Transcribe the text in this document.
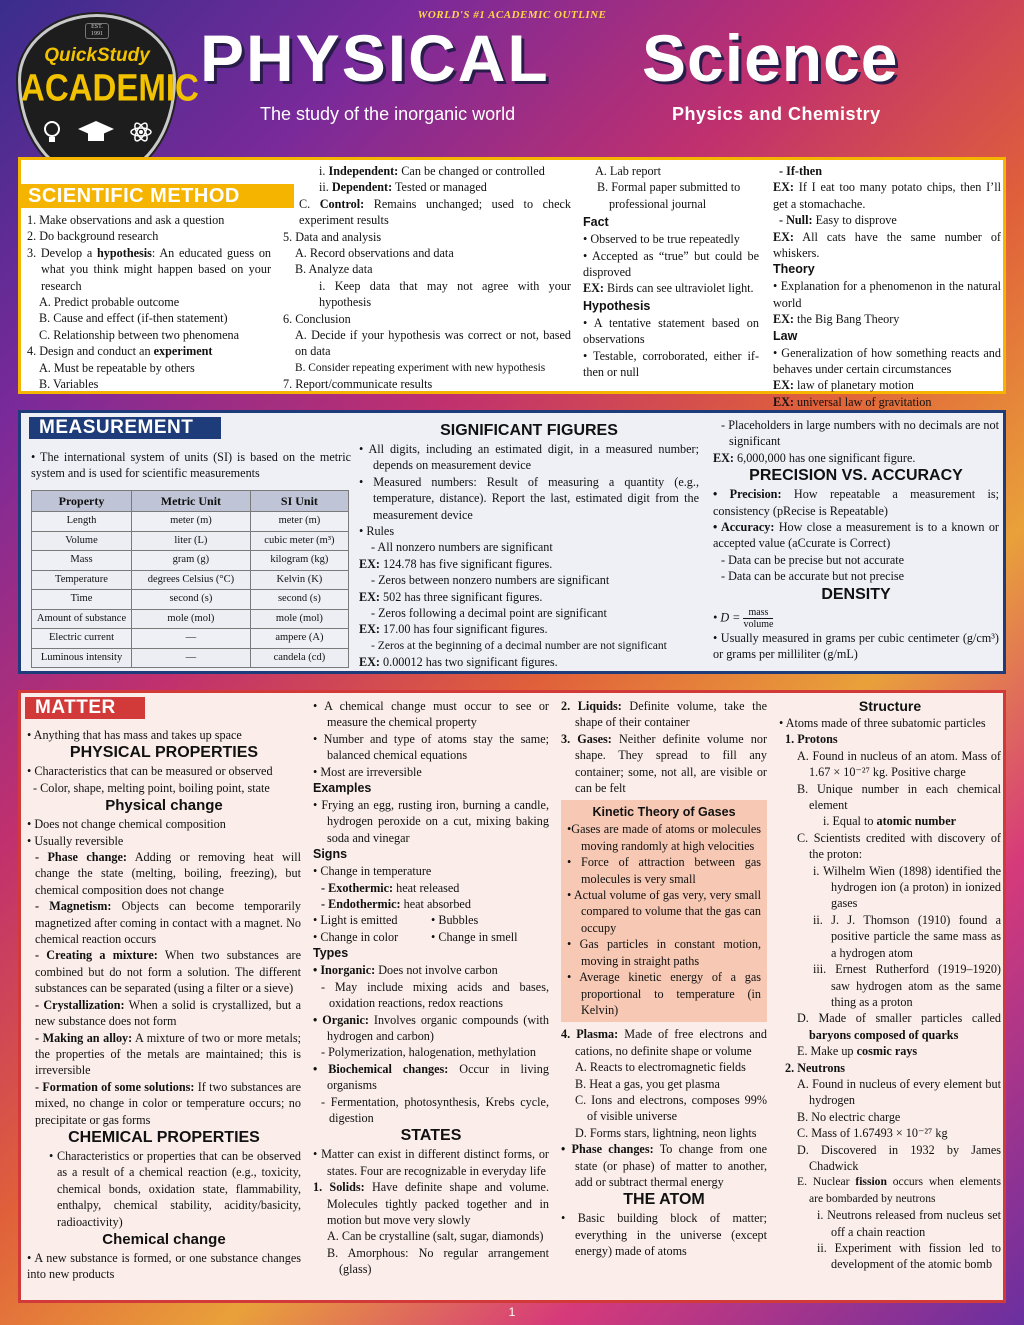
WORLD'S #1 ACADEMIC OUTLINE
EST. 1991
QuickStudy
ACADEMIC
PHYSICAL Science
The study of the inorganic world	Physics and Chemistry
SCIENTIFIC METHOD
1. Make observations and ask a question
2. Do background research
3. Develop a hypothesis: An educated guess on what you think might happen based on your research
A. Predict probable outcome
B. Cause and effect (if-then statement)
C. Relationship between two phenomena
4. Design and conduct an experiment
A. Must be repeatable by others
B. Variables
i. Independent: Can be changed or controlled
ii. Dependent: Tested or managed
C. Control: Remains unchanged; used to check experiment results
5. Data and analysis
A. Record observations and data
B. Analyze data
i. Keep data that may not agree with your hypothesis
6. Conclusion
A. Decide if your hypothesis was correct or not, based on data
B. Consider repeating experiment with new hypothesis
7. Report/communicate results
A. Lab report
B. Formal paper submitted to professional journal
Fact
• Observed to be true repeatedly
• Accepted as “true” but could be disproved
EX: Birds can see ultraviolet light.
Hypothesis
• A tentative statement based on observations
• Testable, corroborated, either if-then or null
- If-then
EX: If I eat too many potato chips, then I’ll get a stomachache.
- Null: Easy to disprove
EX: All cats have the same number of whiskers.
Theory
• Explanation for a phenomenon in the natural world
EX: the Big Bang Theory
Law
• Generalization of how something reacts and behaves under certain circumstances
EX: law of planetary motion
EX: universal law of gravitation
MEASUREMENT
• The international system of units (SI) is based on the metric system and is used for scientific measurements
Property	Metric Unit	SI Unit
Length	meter (m)	meter (m)
Volume	liter (L)	cubic meter (m³)
Mass	gram (g)	kilogram (kg)
Temperature	degrees Celsius (°C)	Kelvin (K)
Time	second (s)	second (s)
Amount of substance	mole (mol)	mole (mol)
Electric current	—	ampere (A)
Luminous intensity	—	candela (cd)
SIGNIFICANT FIGURES
• All digits, including an estimated digit, in a measured number; depends on measurement device
• Measured numbers: Result of measuring a quantity (e.g., temperature, distance). Report the last, estimated digit from the measurement device
• Rules
- All nonzero numbers are significant
EX: 124.78 has five significant figures.
- Zeros between nonzero numbers are significant
EX: 502 has three significant figures.
- Zeros following a decimal point are significant
EX: 17.00 has four significant figures.
- Zeros at the beginning of a decimal number are not significant
EX: 0.00012 has two significant figures.
- Placeholders in large numbers with no decimals are not significant
EX: 6,000,000 has one significant figure.
PRECISION VS. ACCURACY
• Precision: How repeatable a measurement is; consistency (pRecise is Repeatable)
• Accuracy: How close a measurement is to a known or accepted value (aCcurate is Correct)
- Data can be precise but not accurate
- Data can be accurate but not precise
DENSITY
• $D = \frac{\text{mass}}{\text{volume}}$
• Usually measured in grams per cubic centimeter (g/cm³) or grams per milliliter (g/mL)
MATTER
• Anything that has mass and takes up space
PHYSICAL PROPERTIES
• Characteristics that can be measured or observed
- Color, shape, melting point, boiling point, state
Physical change
• Does not change chemical composition
• Usually reversible
- Phase change: Adding or removing heat will change the state (melting, boiling, freezing), but chemical composition does not change
- Magnetism: Objects can become temporarily magnetized after coming in contact with a magnet. No chemical reaction occurs
- Creating a mixture: When two substances are combined but do not form a solution. The different substances can be separated (using a filter or a sieve)
- Crystallization: When a solid is crystallized, but a new substance does not form
- Making an alloy: A mixture of two or more metals; the properties of the metals are maintained; this is irreversible
- Formation of some solutions: If two substances are mixed, no change in color or temperature occurs; no precipitate or gas forms
CHEMICAL PROPERTIES
• Characteristics or properties that can be observed as a result of a chemical reaction (e.g., toxicity, chemical bonds, oxidation state, flammability, enthalpy, chemical stability, acidity/basicity, radioactivity)
Chemical change
• A new substance is formed, or one substance changes into new products
• A chemical change must occur to see or measure the chemical property
• Number and type of atoms stay the same; balanced chemical equations
• Most are irreversible
Examples
• Frying an egg, rusting iron, burning a candle, hydrogen peroxide on a cut, mixing baking soda and vinegar
Signs
• Change in temperature
- Exothermic: heat released
- Endothermic: heat absorbed
• Light is emitted	• Bubbles
• Change in color	• Change in smell
Types
• Inorganic: Does not involve carbon
- May include mixing acids and bases, oxidation reactions, redox reactions
• Organic: Involves organic compounds (with hydrogen and carbon)
- Polymerization, halogenation, methylation
• Biochemical changes: Occur in living organisms
- Fermentation, photosynthesis, Krebs cycle, digestion
STATES
• Matter can exist in different distinct forms, or states. Four are recognizable in everyday life
1. Solids: Have definite shape and volume. Molecules tightly packed together and in motion but move very slowly
A. Can be crystalline (salt, sugar, diamonds)
B. Amorphous: No regular arrangement (glass)
2. Liquids: Definite volume, take the shape of their container
3. Gases: Neither definite volume nor shape. They spread to fill any container; some, not all, are visible or can be felt
Kinetic Theory of Gases
•Gases are made of atoms or molecules moving randomly at high velocities
• Force of attraction between gas molecules is very small
• Actual volume of gas very, very small compared to volume that the gas can occupy
• Gas particles in constant motion, moving in straight paths
• Average kinetic energy of a gas proportional to temperature (in Kelvin)
4. Plasma: Made of free electrons and cations, no definite shape or volume
A. Reacts to electromagnetic fields
B. Heat a gas, you get plasma
C. Ions and electrons, composes 99% of visible universe
D. Forms stars, lightning, neon lights
• Phase changes: To change from one state (or phase) of matter to another, add or subtract thermal energy
THE ATOM
• Basic building block of matter; everything in the universe (except energy) made of atoms
Structure
• Atoms made of three subatomic particles
1. Protons
A. Found in nucleus of an atom. Mass of 1.67 × 10⁻²⁷ kg. Positive charge
B. Unique number in each chemical element
i. Equal to atomic number
C. Scientists credited with discovery of the proton:
i. Wilhelm Wien (1898) identified the hydrogen ion (a proton) in ionized gases
ii. J. J. Thomson (1910) found a positive particle the same mass as a hydrogen atom
iii. Ernest Rutherford (1919–1920) saw hydrogen atom as the same thing as a proton
D. Made of smaller particles called baryons composed of quarks
E. Make up cosmic rays
2. Neutrons
A. Found in nucleus of every element but hydrogen
B. No electric charge
C. Mass of 1.67493 × 10⁻²⁷ kg
D. Discovered in 1932 by James Chadwick
E. Nuclear fission occurs when elements are bombarded by neutrons
i. Neutrons released from nucleus set off a chain reaction
ii. Experiment with fission led to development of the atomic bomb
1
